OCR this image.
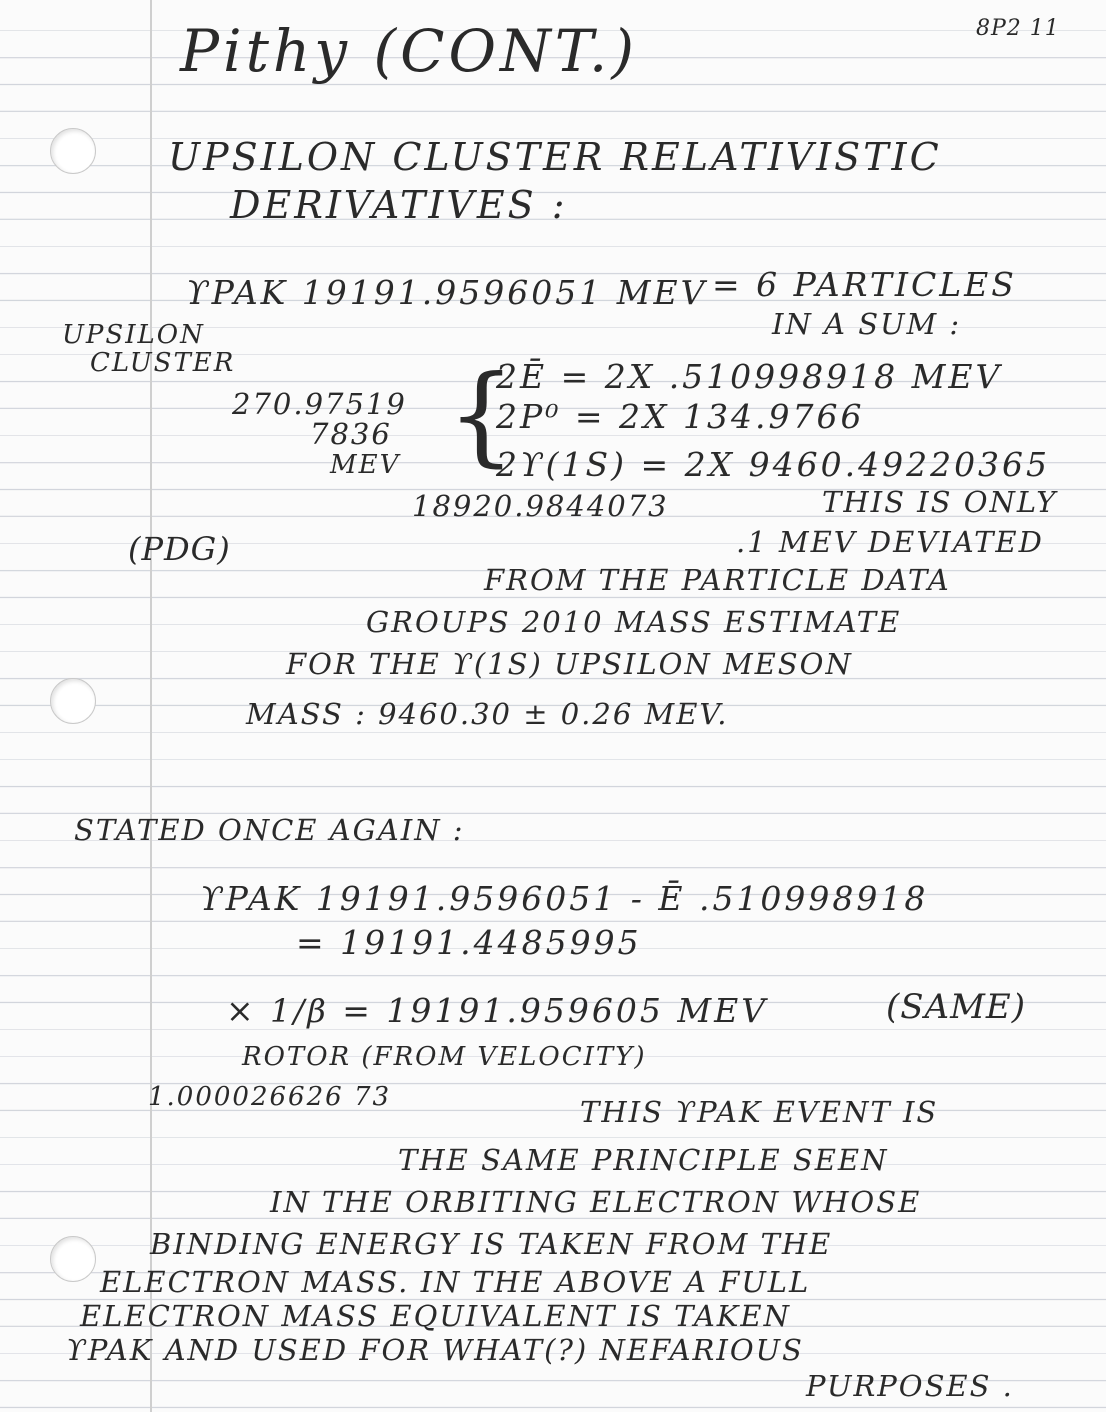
Pithy (CONT.)	8P2 11

UPSILON CLUSTER RELATIVISTIC

DERIVATIVES :

ϒPAK 19191.9596051 MEV = 6 PARTICLES

IN A SUM :

UPSILON

CLUSTER

270.97519

7836

MEV {

2Ē = 2X .510998918 MEV

2P⁰ = 2X 134.9766

2ϒ(1S) = 2X 9460.49220365

18920.9844073	THIS IS ONLY

.1 MEV DEVIATED

(PDG)

FROM THE PARTICLE DATA

GROUPS 2010 MASS ESTIMATE

FOR THE ϒ(1S) UPSILON MESON

MASS : 9460.30 ± 0.26 MEV.

STATED ONCE AGAIN :

ϒPAK 19191.9596051 - Ē .510998918

= 19191.4485995

× 1/β = 19191.959605 MEV	(SAME)

ROTOR (FROM VELOCITY)

1.000026626 73	THIS ϒPAK EVENT IS

THE SAME PRINCIPLE SEEN

IN THE ORBITING ELECTRON WHOSE

BINDING ENERGY IS TAKEN FROM THE

ELECTRON MASS. IN THE ABOVE A FULL

ELECTRON MASS EQUIVALENT IS TAKEN

ϒPAK AND USED FOR WHAT(?) NEFARIOUS

PURPOSES .
